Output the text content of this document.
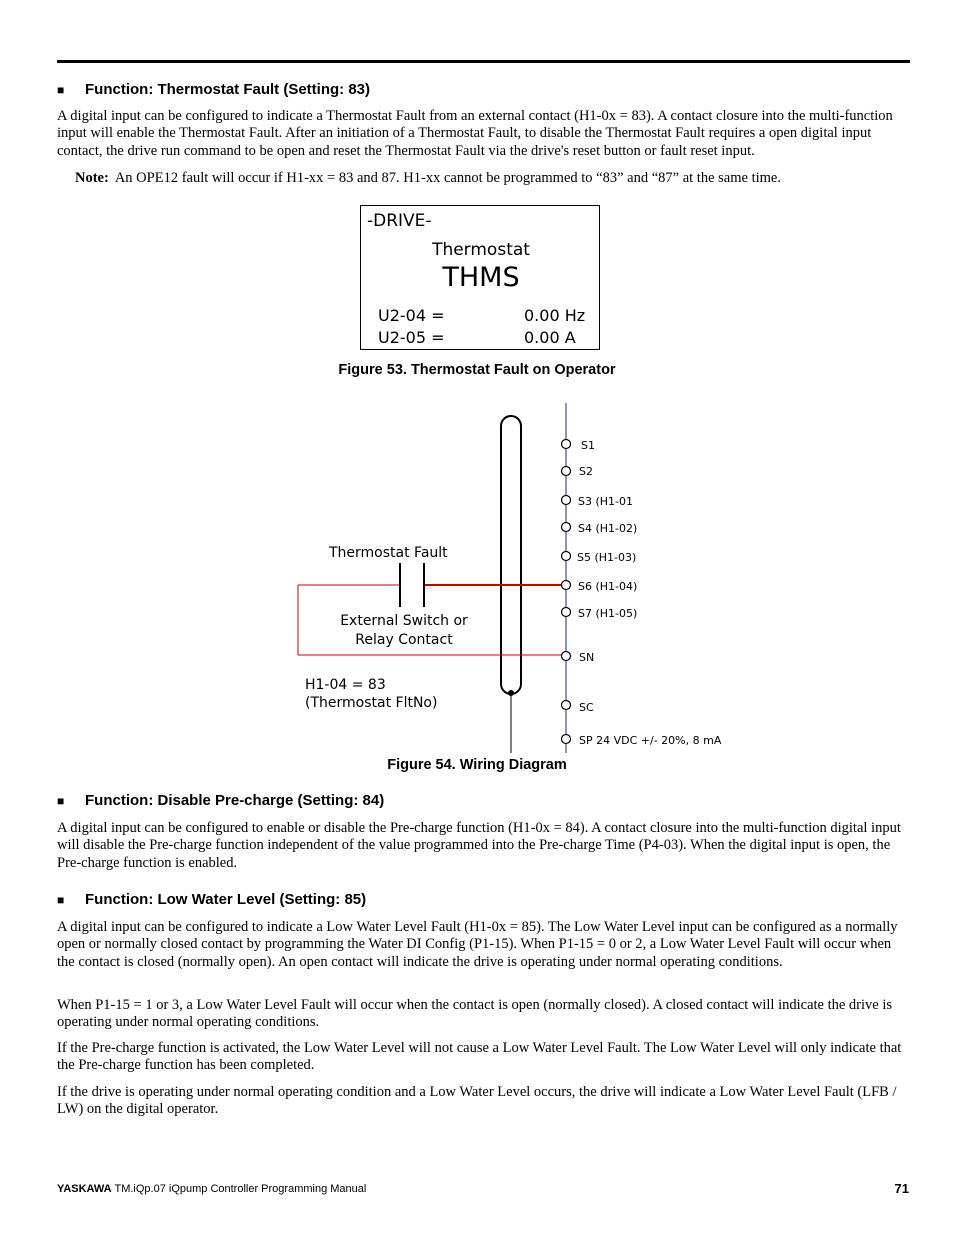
■ Function: Thermostat Fault (Setting: 83)

A digital input can be configured to indicate a Thermostat Fault from an external contact (H1-0x = 83). A contact closure into the multi-function input will enable the Thermostat Fault. After an initiation of a Thermostat Fault, to disable the Thermostat Fault requires a open digital input contact, the drive run command to be open and reset the Thermostat Fault via the drive's reset button or fault reset input.

Note: An OPE12 fault will occur if H1-xx = 83 and 87. H1-xx cannot be programmed to “83” and “87” at the same time.
-DRIVE-
Thermostat
THMS
U2-04 =	0.00 Hz
U2-05 =	0.00 A
Figure 53. Thermostat Fault on Operator
S1
S2
S3 (H1-01
S4 (H1-02)
S5 (H1-03)
S6 (H1-04)
S7 (H1-05)
SN
SC
SP 24 VDC +/- 20%, 8 mA
Thermostat Fault
External Switch or
Relay Contact
H1-04 = 83
(Thermostat FltNo)
Figure 54. Wiring Diagram
■ Function: Disable Pre-charge (Setting: 84)

A digital input can be configured to enable or disable the Pre-charge function (H1-0x = 84). A contact closure into the multi-function digital input will disable the Pre-charge function independent of the value programmed into the Pre-charge Time (P4-03). When the digital input is open, the Pre-charge function is enabled.

■ Function: Low Water Level (Setting: 85)

A digital input can be configured to indicate a Low Water Level Fault (H1-0x = 85). The Low Water Level input can be configured as a normally open or normally closed contact by programming the Water DI Config (P1-15). When P1-15 = 0 or 2, a Low Water Level Fault will occur when the contact is closed (normally open). An open contact will indicate the drive is operating under normal operating conditions.

When P1-15 = 1 or 3, a Low Water Level Fault will occur when the contact is open (normally closed). A closed contact will indicate the drive is operating under normal operating conditions.

If the Pre-charge function is activated, the Low Water Level will not cause a Low Water Level Fault. The Low Water Level will only indicate that the Pre-charge function has been completed.

If the drive is operating under normal operating condition and a Low Water Level occurs, the drive will indicate a Low Water Level Fault (LFB / LW) on the digital operator.

YASKAWA TM.iQp.07 iQpump Controller Programming Manual	71
